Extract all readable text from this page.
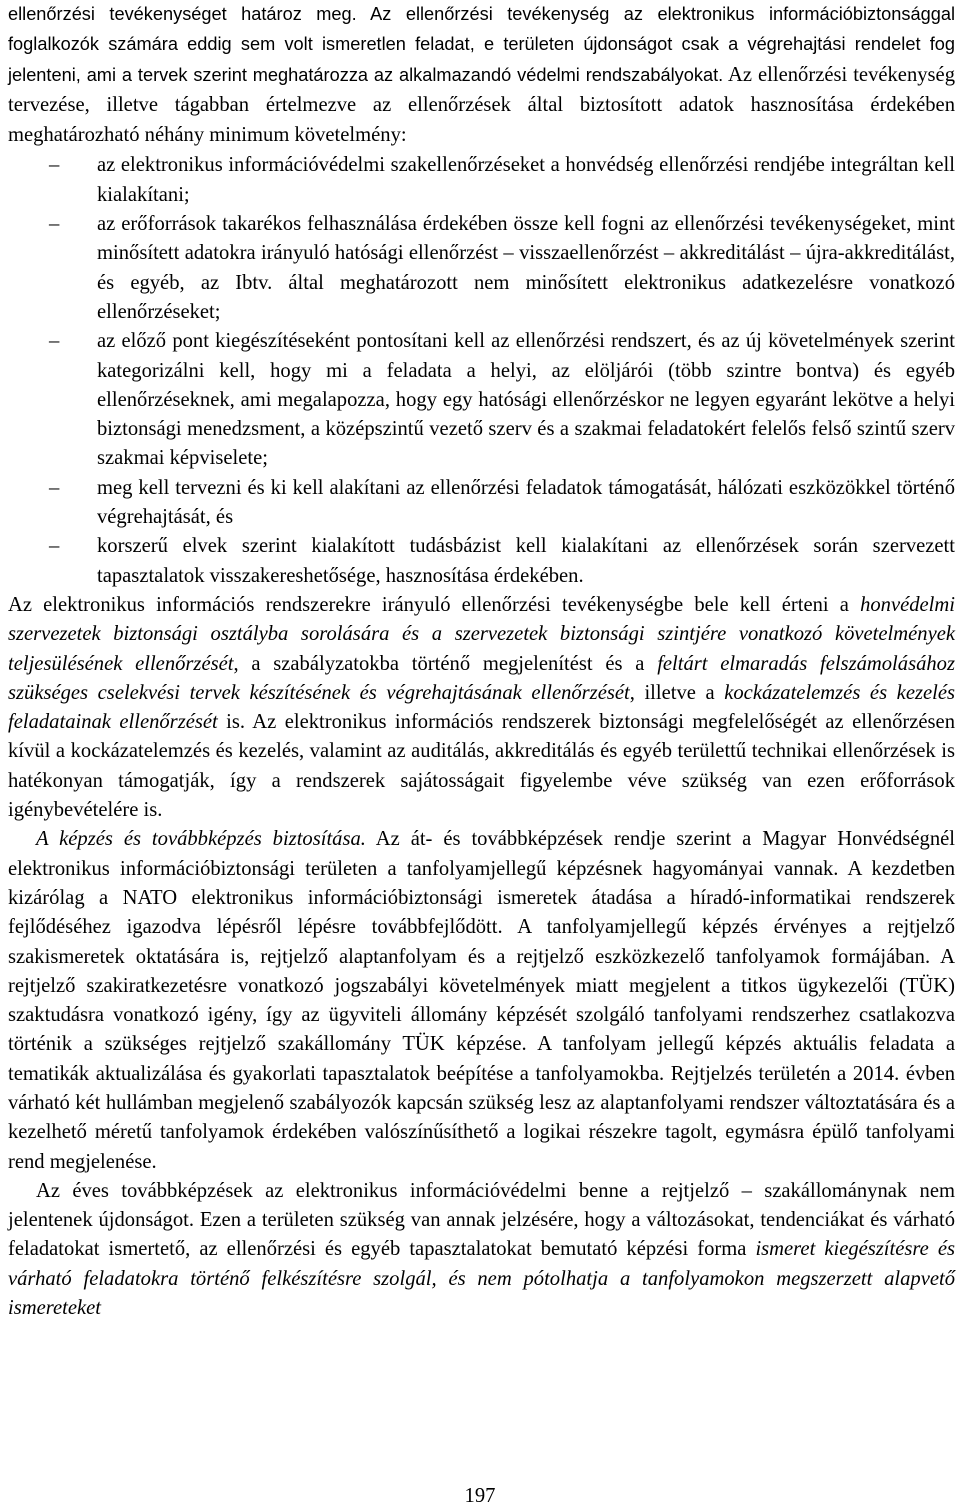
ellenőrzési tevékenységet határoz meg. Az ellenőrzési tevékenység az elektronikus információbiztonsággal foglalkozók számára eddig sem volt ismeretlen feladat, e területen újdonságot csak a végrehajtási rendelet fog jelenteni, ami a tervek szerint meghatározza az alkalmazandó védelmi rendszabályokat. Az ellenőrzési tevékenység tervezése, illetve tágabban értelmezve az ellenőrzések által biztosított adatok hasznosítása érdekében meghatározható néhány minimum követelmény:

– az elektronikus információvédelmi szakellenőrzéseket a honvédség ellenőrzési rendjébe integráltan kell kialakítani;
– az erőforrások takarékos felhasználása érdekében össze kell fogni az ellenőrzési tevékenységeket, mint minősített adatokra irányuló hatósági ellenőrzést – visszaellenőrzést – akkreditálást – újra-akkreditálást, és egyéb, az Ibtv. által meghatározott nem minősített elektronikus adatkezelésre vonatkozó ellenőrzéseket;
– az előző pont kiegészítéseként pontosítani kell az ellenőrzési rendszert, és az új követelmények szerint kategorizálni kell, hogy mi a feladata a helyi, az elöljárói (több szintre bontva) és egyéb ellenőrzéseknek, ami megalapozza, hogy egy hatósági ellenőrzéskor ne legyen egyaránt lekötve a helyi biztonsági menedzsment, a középszintű vezető szerv és a szakmai feladatokért felelős felső szintű szerv szakmai képviselete;
– meg kell tervezni és ki kell alakítani az ellenőrzési feladatok támogatását, hálózati eszközökkel történő végrehajtását, és
– korszerű elvek szerint kialakított tudásbázist kell kialakítani az ellenőrzések során szervezett tapasztalatok visszakereshetősége, hasznosítása érdekében.

Az elektronikus információs rendszerekre irányuló ellenőrzési tevékenységbe bele kell érteni a honvédelmi szervezetek biztonsági osztályba sorolására és a szervezetek biztonsági szintjére vonatkozó követelmények teljesülésének ellenőrzését, a szabályzatokba történő megjelenítést és a feltárt elmaradás felszámolásához szükséges cselekvési tervek készítésének és végrehajtásának ellenőrzését, illetve a kockázatelemzés és kezelés feladatainak ellenőrzését is. Az elektronikus információs rendszerek biztonsági megfelelőségét az ellenőrzésen kívül a kockázatelemzés és kezelés, valamint az auditálás, akkreditálás és egyéb területtű technikai ellenőrzések is hatékonyan támogatják, így a rendszerek sajátosságait figyelembe véve szükség van ezen erőforrások igénybevételére is.

A képzés és továbbképzés biztosítása. Az át- és továbbképzések rendje szerint a Magyar Honvédségnél elektronikus információbiztonsági területen a tanfolyamjellegű képzésnek hagyományai vannak. A kezdetben kizárólag a NATO elektronikus információbiztonsági ismeretek átadása a híradó-informatikai rendszerek fejlődéséhez igazodva lépésről lépésre továbbfejlődött. A tanfolyamjellegű képzés érvényes a rejtjelző szakismeretek oktatására is, rejtjelző alaptanfolyam és a rejtjelző eszközkezelő tanfolyamok formájában. A rejtjelző szakiratkezetésre vonatkozó jogszabályi követelmények miatt megjelent a titkos ügykezelői (TÜK) szaktudásra vonatkozó igény, így az ügyviteli állomány képzését szolgáló tanfolyami rendszerhez csatlakozva történik a szükséges rejtjelző szakállomány TÜK képzése. A tanfolyam jellegű képzés aktuális feladata a tematikák aktualizálása és gyakorlati tapasztalatok beépítése a tanfolyamokba. Rejtjelzés területén a 2014. évben várható két hullámban megjelenő szabályozók kapcsán szükség lesz az alaptanfolyami rendszer változtatására és a kezelhető méretű tanfolyamok érdekében valószínűsíthető a logikai részekre tagolt, egymásra épülő tanfolyami rend megjelenése.

Az éves továbbképzések az elektronikus információvédelmi benne a rejtjelző – szakállománynak nem jelentenek újdonságot. Ezen a területen szükség van annak jelzésére, hogy a változásokat, tendenciákat és várható feladatokat ismertető, az ellenőrzési és egyéb tapasztalatokat bemutató képzési forma ismeret kiegészítésre és várható feladatokra történő felkészítésre szolgál, és nem pótolhatja a tanfolyamokon megszerzett alapvető ismereteket

197
